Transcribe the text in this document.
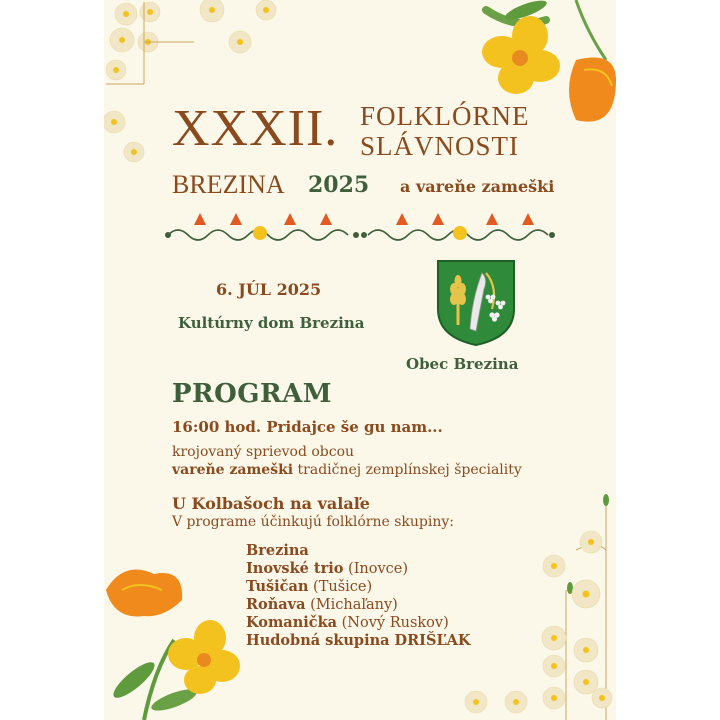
XXXII. FOLKLÓRNE
SLÁVNOSTI
BREZINA 2025 a vareňe zameški
6. JÚL 2025
Kultúrny dom Brezina
Obec Brezina
PROGRAM
16:00 hod. Pridajce še gu nam...
krojovaný sprievod obcou
vareňe zameški tradičnej zemplínskej špeciality
U Kolbašoch na valaľe
V programe účinkujú folklórne skupiny:
Brezina
Inovské trio (Inovce)
Tušičan (Tušice)
Roňava (Michaľany)
Komanička (Nový Ruskov)
Hudobná skupina DRIŠĽAK
